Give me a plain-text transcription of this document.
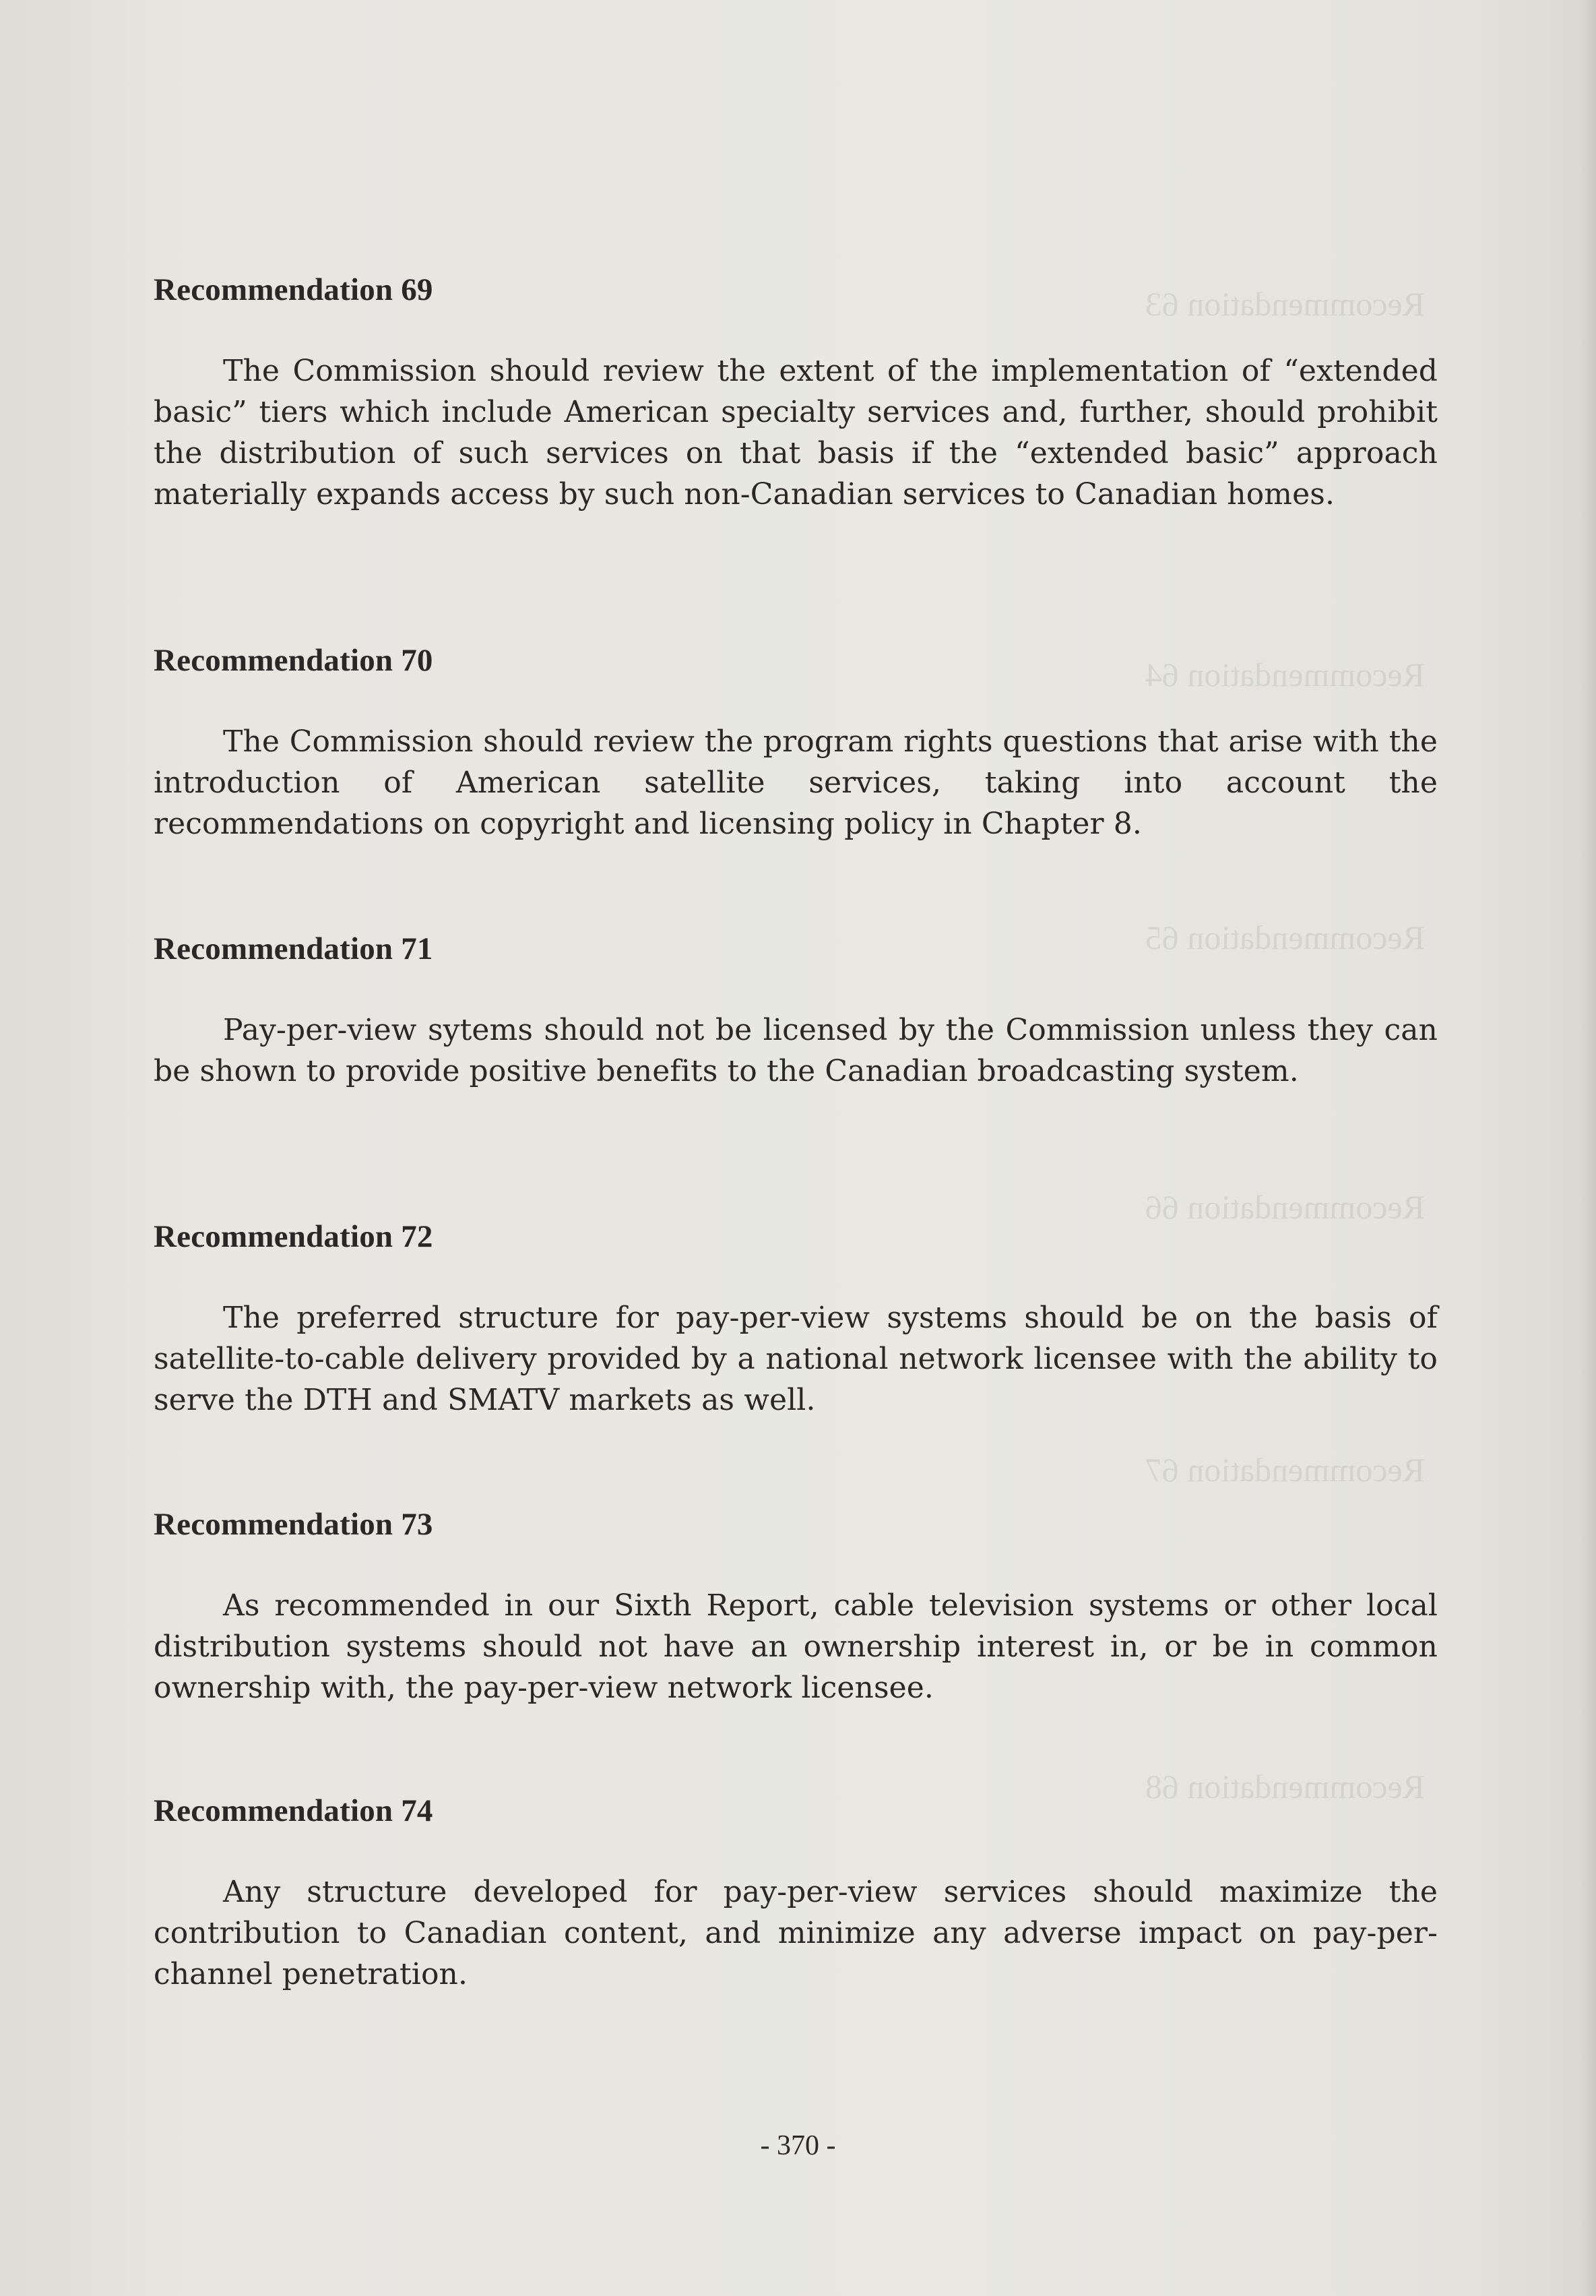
Recommendation 63
Recommendation 64
Recommendation 65
Recommendation 66
Recommendation 67
Recommendation 68
Recommendation 69

The Commission should review the extent of the implementation of “extended basic” tiers which include American specialty services and, further, should prohibit the distribution of such services on that basis if the “extended basic” approach materially expands access by such non-Canadian services to Canadian homes.

Recommendation 70

The Commission should review the program rights questions that arise with the introduction of American satellite services, taking into account the recommendations on copyright and licensing policy in Chapter 8.

Recommendation 71

Pay-per-view sytems should not be licensed by the Commission unless they can be shown to provide positive benefits to the Canadian broadcasting system.

Recommendation 72

The preferred structure for pay-per-view systems should be on the basis of satellite-to-cable delivery provided by a national network licensee with the ability to serve the DTH and SMATV markets as well.

Recommendation 73

As recommended in our Sixth Report, cable television systems or other local distribution systems should not have an ownership interest in, or be in common ownership with, the pay-per-view network licensee.

Recommendation 74

Any structure developed for pay-per-view services should maximize the contribution to Canadian content, and minimize any adverse impact on pay-per-channel penetration.

- 370 -
